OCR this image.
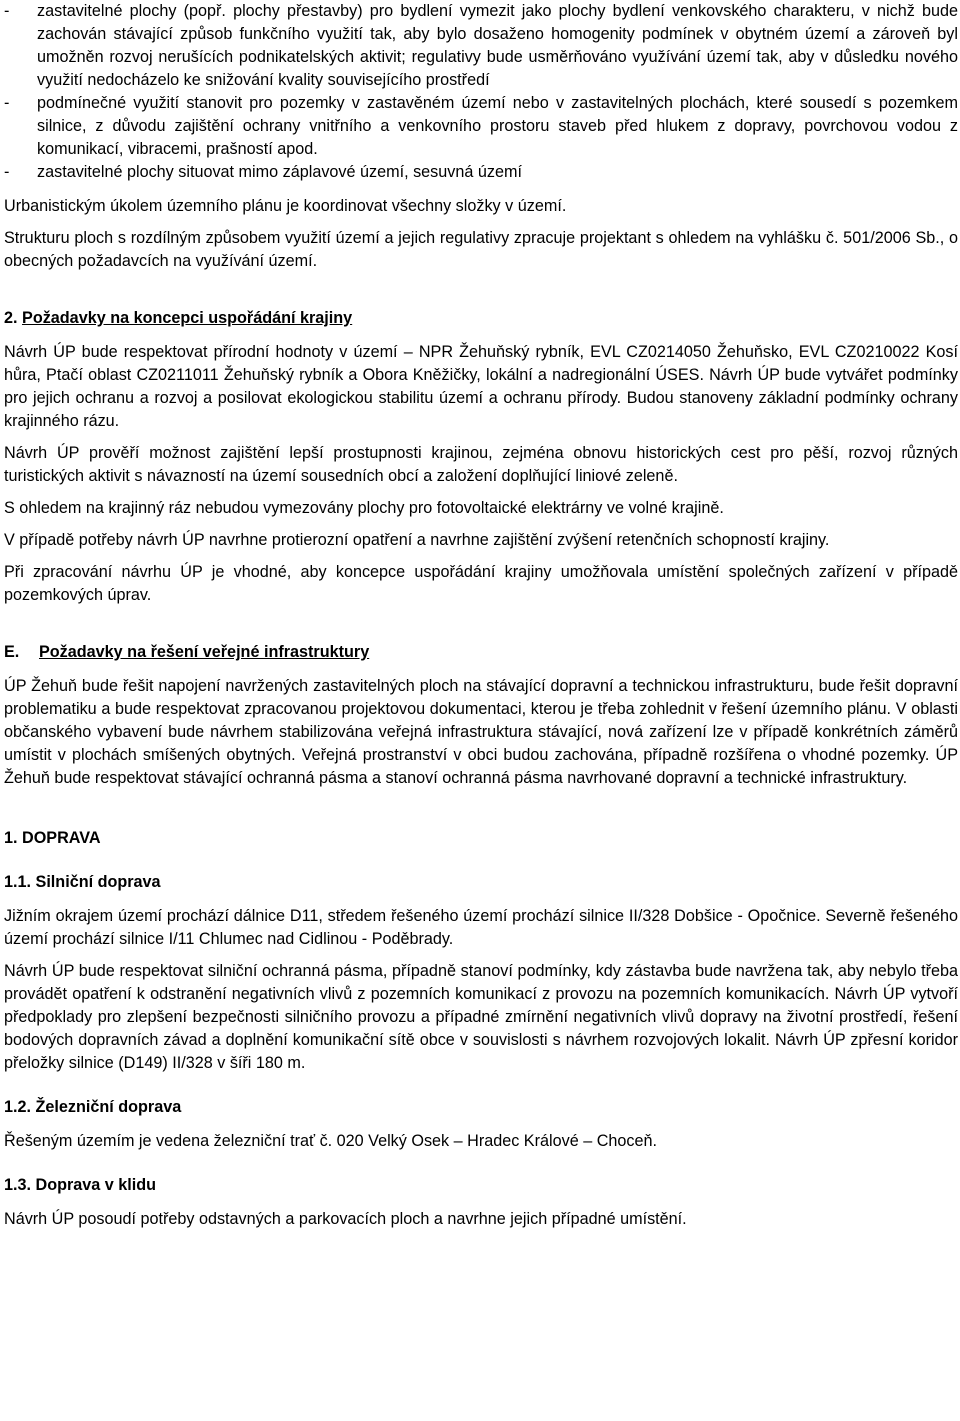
- zastavitelné plochy (popř. plochy přestavby) pro bydlení vymezit jako plochy bydlení venkovského charakteru, v nichž bude zachován stávající způsob funkčního využití tak, aby bylo dosaženo homogenity podmínek v obytném území a zároveň byl umožněn rozvoj nerušících podnikatelských aktivit; regulativy bude usměrňováno využívání území tak, aby v důsledku nového využití nedocházelo ke snižování kvality souvisejícího prostředí
- podmínečné využití stanovit pro pozemky v zastavěném území nebo v zastavitelných plochách, které sousedí s pozemkem silnice, z důvodu zajištění ochrany vnitřního a venkovního prostoru staveb před hlukem z dopravy, povrchovou vodou z komunikací, vibracemi, prašností apod.
- zastavitelné plochy situovat mimo záplavové území, sesuvná území

Urbanistickým úkolem územního plánu je koordinovat všechny složky v území.

Strukturu ploch s rozdílným způsobem využití území a jejich regulativy zpracuje projektant s ohledem na vyhlášku č. 501/2006 Sb., o obecných požadavcích na využívání území.

2. Požadavky na koncepci uspořádání krajiny

Návrh ÚP bude respektovat přírodní hodnoty v území – NPR Žehuňský rybník, EVL CZ0214050 Žehuňsko, EVL CZ0210022 Kosí hůra, Ptačí oblast CZ0211011 Žehuňský rybník a Obora Kněžičky, lokální a nadregionální ÚSES. Návrh ÚP bude vytvářet podmínky pro jejich ochranu a rozvoj a posilovat ekologickou stabilitu území a ochranu přírody. Budou stanoveny základní podmínky ochrany krajinného rázu.

Návrh ÚP prověří možnost zajištění lepší prostupnosti krajinou, zejména obnovu historických cest pro pěší, rozvoj různých turistických aktivit s návazností na území sousedních obcí a založení doplňující liniové zeleně.

S ohledem na krajinný ráz nebudou vymezovány plochy pro fotovoltaické elektrárny ve volné krajině.

V případě potřeby návrh ÚP navrhne protierozní opatření a navrhne zajištění zvýšení retenčních schopností krajiny.

Při zpracování návrhu ÚP je vhodné, aby koncepce uspořádání krajiny umožňovala umístění společných zařízení v případě pozemkových úprav.

E. Požadavky na řešení veřejné infrastruktury

ÚP Žehuň bude řešit napojení navržených zastavitelných ploch na stávající dopravní a technickou infrastrukturu, bude řešit dopravní problematiku a bude respektovat zpracovanou projektovou dokumentaci, kterou je třeba zohlednit v řešení územního plánu. V oblasti občanského vybavení bude návrhem stabilizována veřejná infrastruktura stávající, nová zařízení lze v případě konkrétních záměrů umístit v plochách smíšených obytných. Veřejná prostranství v obci budou zachována, případně rozšířena o vhodné pozemky. ÚP Žehuň bude respektovat stávající ochranná pásma a stanoví ochranná pásma navrhované dopravní a technické infrastruktury.

1. DOPRAVA

1.1. Silniční doprava

Jižním okrajem území prochází dálnice D11, středem řešeného území prochází silnice II/328 Dobšice - Opočnice. Severně řešeného území prochází silnice I/11 Chlumec nad Cidlinou - Poděbrady.

Návrh ÚP bude respektovat silniční ochranná pásma, případně stanoví podmínky, kdy zástavba bude navržena tak, aby nebylo třeba provádět opatření k odstranění negativních vlivů z pozemních komunikací z provozu na pozemních komunikacích. Návrh ÚP vytvoří předpoklady pro zlepšení bezpečnosti silničního provozu a případné zmírnění negativních vlivů dopravy na životní prostředí, řešení bodových dopravních závad a doplnění komunikační sítě obce v souvislosti s návrhem rozvojových lokalit. Návrh ÚP zpřesní koridor přeložky silnice (D149) II/328 v šíři 180 m.

1.2. Železniční doprava

Řešeným územím je vedena železniční trať č. 020 Velký Osek – Hradec Králové – Choceň.

1.3. Doprava v klidu

Návrh ÚP posoudí potřeby odstavných a parkovacích ploch a navrhne jejich případné umístění.
